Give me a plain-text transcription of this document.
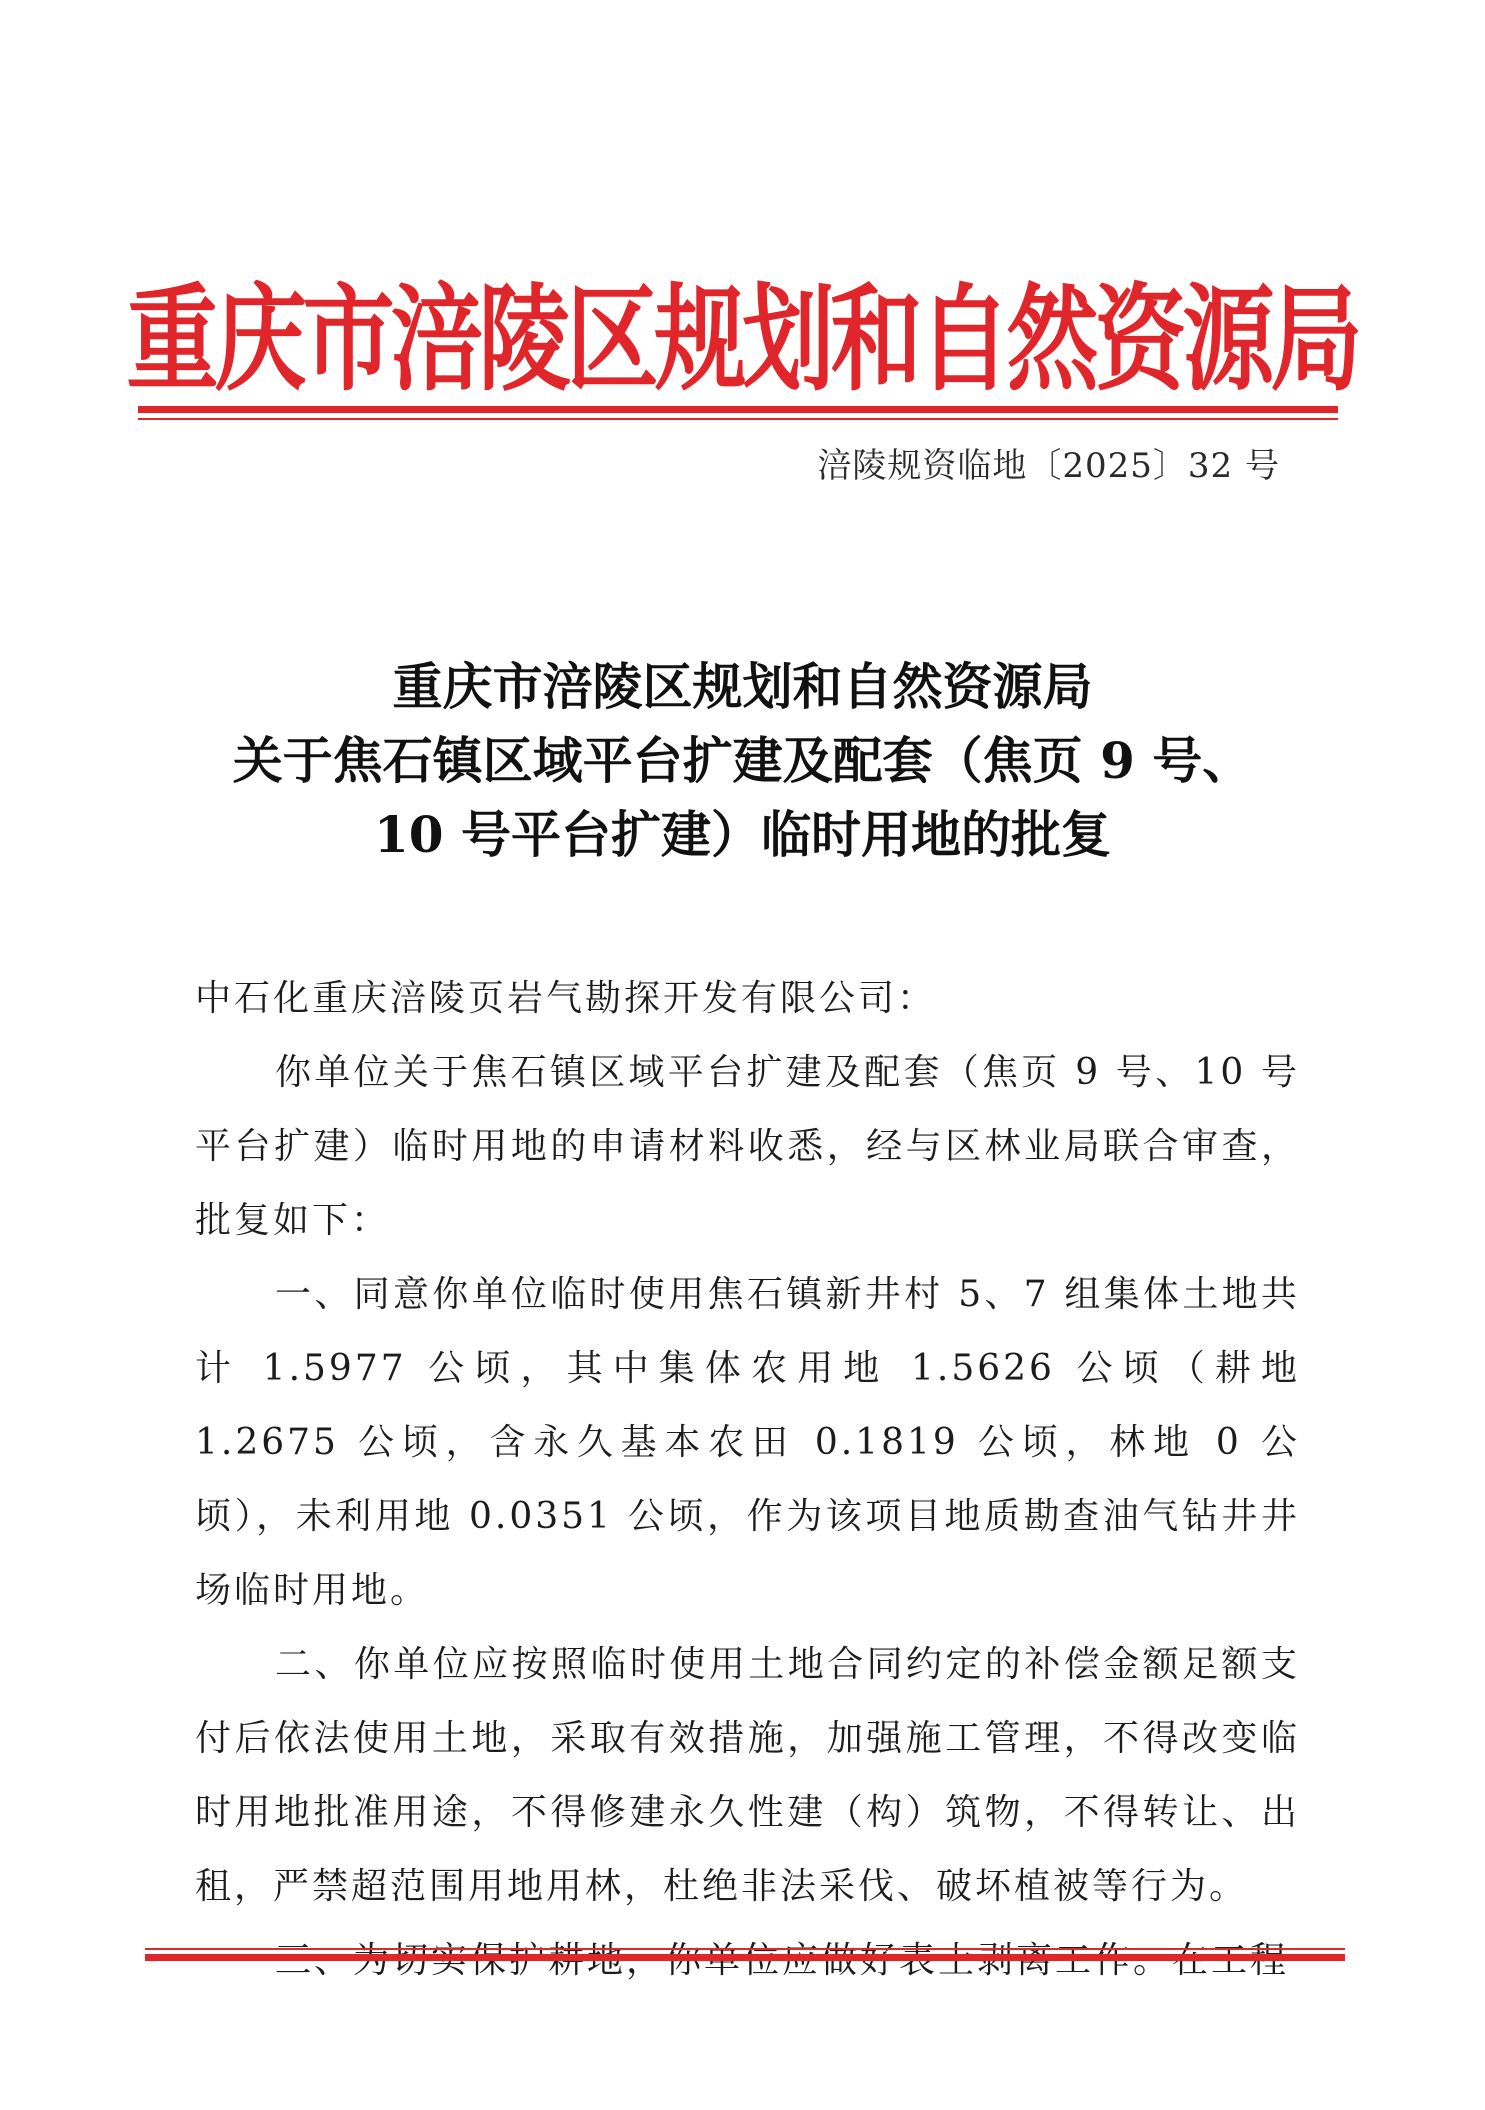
重庆市涪陵区规划和自然资源局
涪陵规资临地〔2025〕32 号
重庆市涪陵区规划和自然资源局
关于焦石镇区域平台扩建及配套（焦页 9 号、
10 号平台扩建）临时用地的批复

中石化重庆涪陵页岩气勘探开发有限公司：

你单位关于焦石镇区域平台扩建及配套（焦页 9 号、10 号平台扩建）临时用地的申请材料收悉，经与区林业局联合审查，批复如下：

一、同意你单位临时使用焦石镇新井村 5、7 组集体土地共计 1.5977 公顷，其中集体农用地 1.5626 公顷（耕地 1.2675 公顷，含永久基本农田 0.1819 公顷，林地 0 公顷），未利用地 0.0351 公顷，作为该项目地质勘查油气钻井井场临时用地。

二、你单位应按照临时使用土地合同约定的补偿金额足额支付后依法使用土地，采取有效措施，加强施工管理，不得改变临时用地批准用途，不得修建永久性建（构）筑物，不得转让、出租，严禁超范围用地用林，杜绝非法采伐、破坏植被等行为。
